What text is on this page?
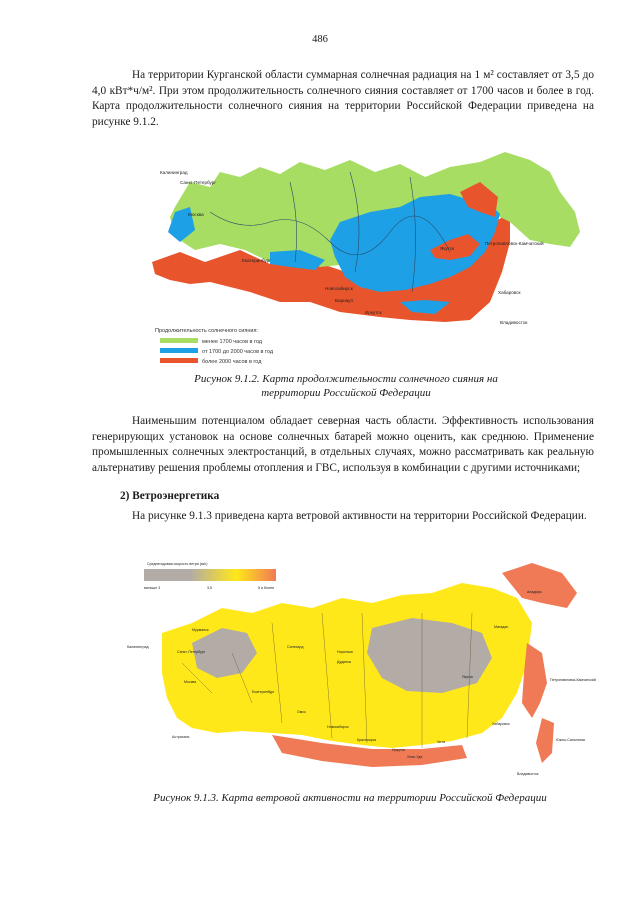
486

На территории Курганской области суммарная солнечная радиация на 1 м² составляет от 3,5 до 4,0 кВт*ч/м². При этом продолжительность солнечного сияния составляет от 1700 часов и более в год. Карта продолжительности солнечного сияния на территории Российской Федерации приведена на рисунке 9.1.2.

Калининград
Санкт-Петербург
Москва
Екатеринбург
Новосибирск
Барнаул
Иркутск
Якутск
Петропавловск-Камчатский
Хабаровск
Владивосток
Продолжительность солнечного сияния:
менее 1700 часов в год
от 1700 до 2000 часов в год
более 2000 часов в год
Рисунок 9.1.2. Карта продолжительности солнечного сияния на
территории Российской Федерации

Наименьшим потенциалом обладает северная часть области. Эффективность использования генерирующих установок на основе солнечных батарей можно оценить, как среднюю. Применение промышленных солнечных электростанций, в отдельных случаях, можно рассматривать как реальную альтернативу решения проблемы отопления и ГВС, используя в комбинации с другими источниками;

2) Ветроэнергетика

На рисунке 9.1.3 приведена карта ветровой активности на территории Российской Федерации.

Среднегодовая скорость ветра (м/с)
меньше 3	3,5	5 и более
Калининград
Мурманск
Санкт-Петербург
Москва
Астрахань
Екатеринбург
Салехард
Омск
Новосибирск
Норильск
Дудинка
Красноярск
Иркутск
Улан-Удэ
Чита
Якутск
Магадан
Анадырь
Петропавловск-Камчатский
Хабаровск
Южно-Сахалинск
Владивосток
Рисунок 9.1.3. Карта ветровой активности на территории Российской Федерации
